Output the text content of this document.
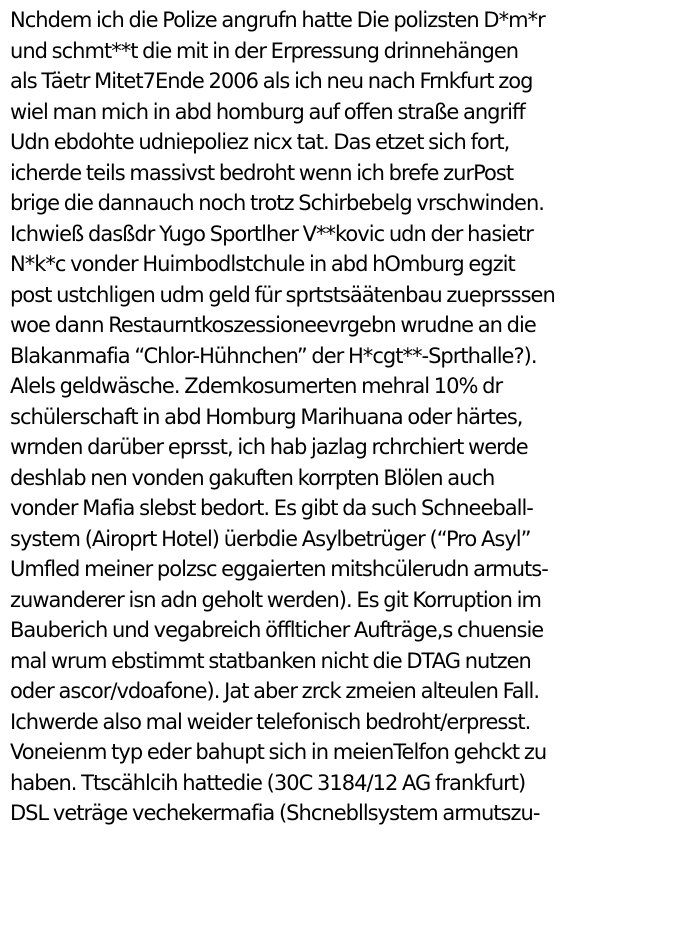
Nchdem ich die Polize angrufn hatte Die polizsten D*m*r
und schmt**t die mit in der Erpressung drinnehängen
als Täetr Mitet7Ende 2006 als ich neu nach Frnkfurt zog
wiel man mich in abd homburg auf offen straße angriff
Udn ebdohte udniepoliez nicx tat. Das etzet sich fort,
icherde teils massivst bedroht wenn ich brefe zurPost
brige die dannauch noch trotz Schirbebelg vrschwinden.
Ichwieß dasßdr Yugo Sportlher V**kovic udn der hasietr
N*k*c vonder Huimbodlstchule in abd hOmburg egzit
post ustchligen udm geld für sprtstsäätenbau zueprsssen
woe dann Restaurntkoszessioneevrgebn wrudne an die
Blakanmafia “Chlor-Hühnchen” der H*cgt**-Sprthalle?).
Alels geldwäsche. Zdemkosumerten mehral 10% dr
schülerschaft in abd Homburg Marihuana oder härtes,
wrnden darüber eprsst, ich hab jazlag rchrchiert werde
deshlab nen vonden gakuften korrpten Blölen auch
vonder Mafia slebst bedort. Es gibt da such Schneeball-
system (Airoprt Hotel) üerbdie Asylbetrüger (“Pro Asyl”
Umfled meiner polzsc eggaierten mitshcülerudn armuts-
zuwanderer isn adn geholt werden). Es git Korruption im
Bauberich und vegabreich öfflticher Aufträge,s chuensie
mal wrum ebstimmt statbanken nicht die DTAG nutzen
oder ascor/vdoafone). Jat aber zrck zmeien alteulen Fall.
Ichwerde also mal weider telefonisch bedroht/erpresst.
Voneienm typ eder bahupt sich in meienTelfon gehckt zu
haben. Ttscählcih hattedie (30C 3184/12 AG frankfurt)
DSL veträge vechekermafia (Shcnebllsystem armutszu-
